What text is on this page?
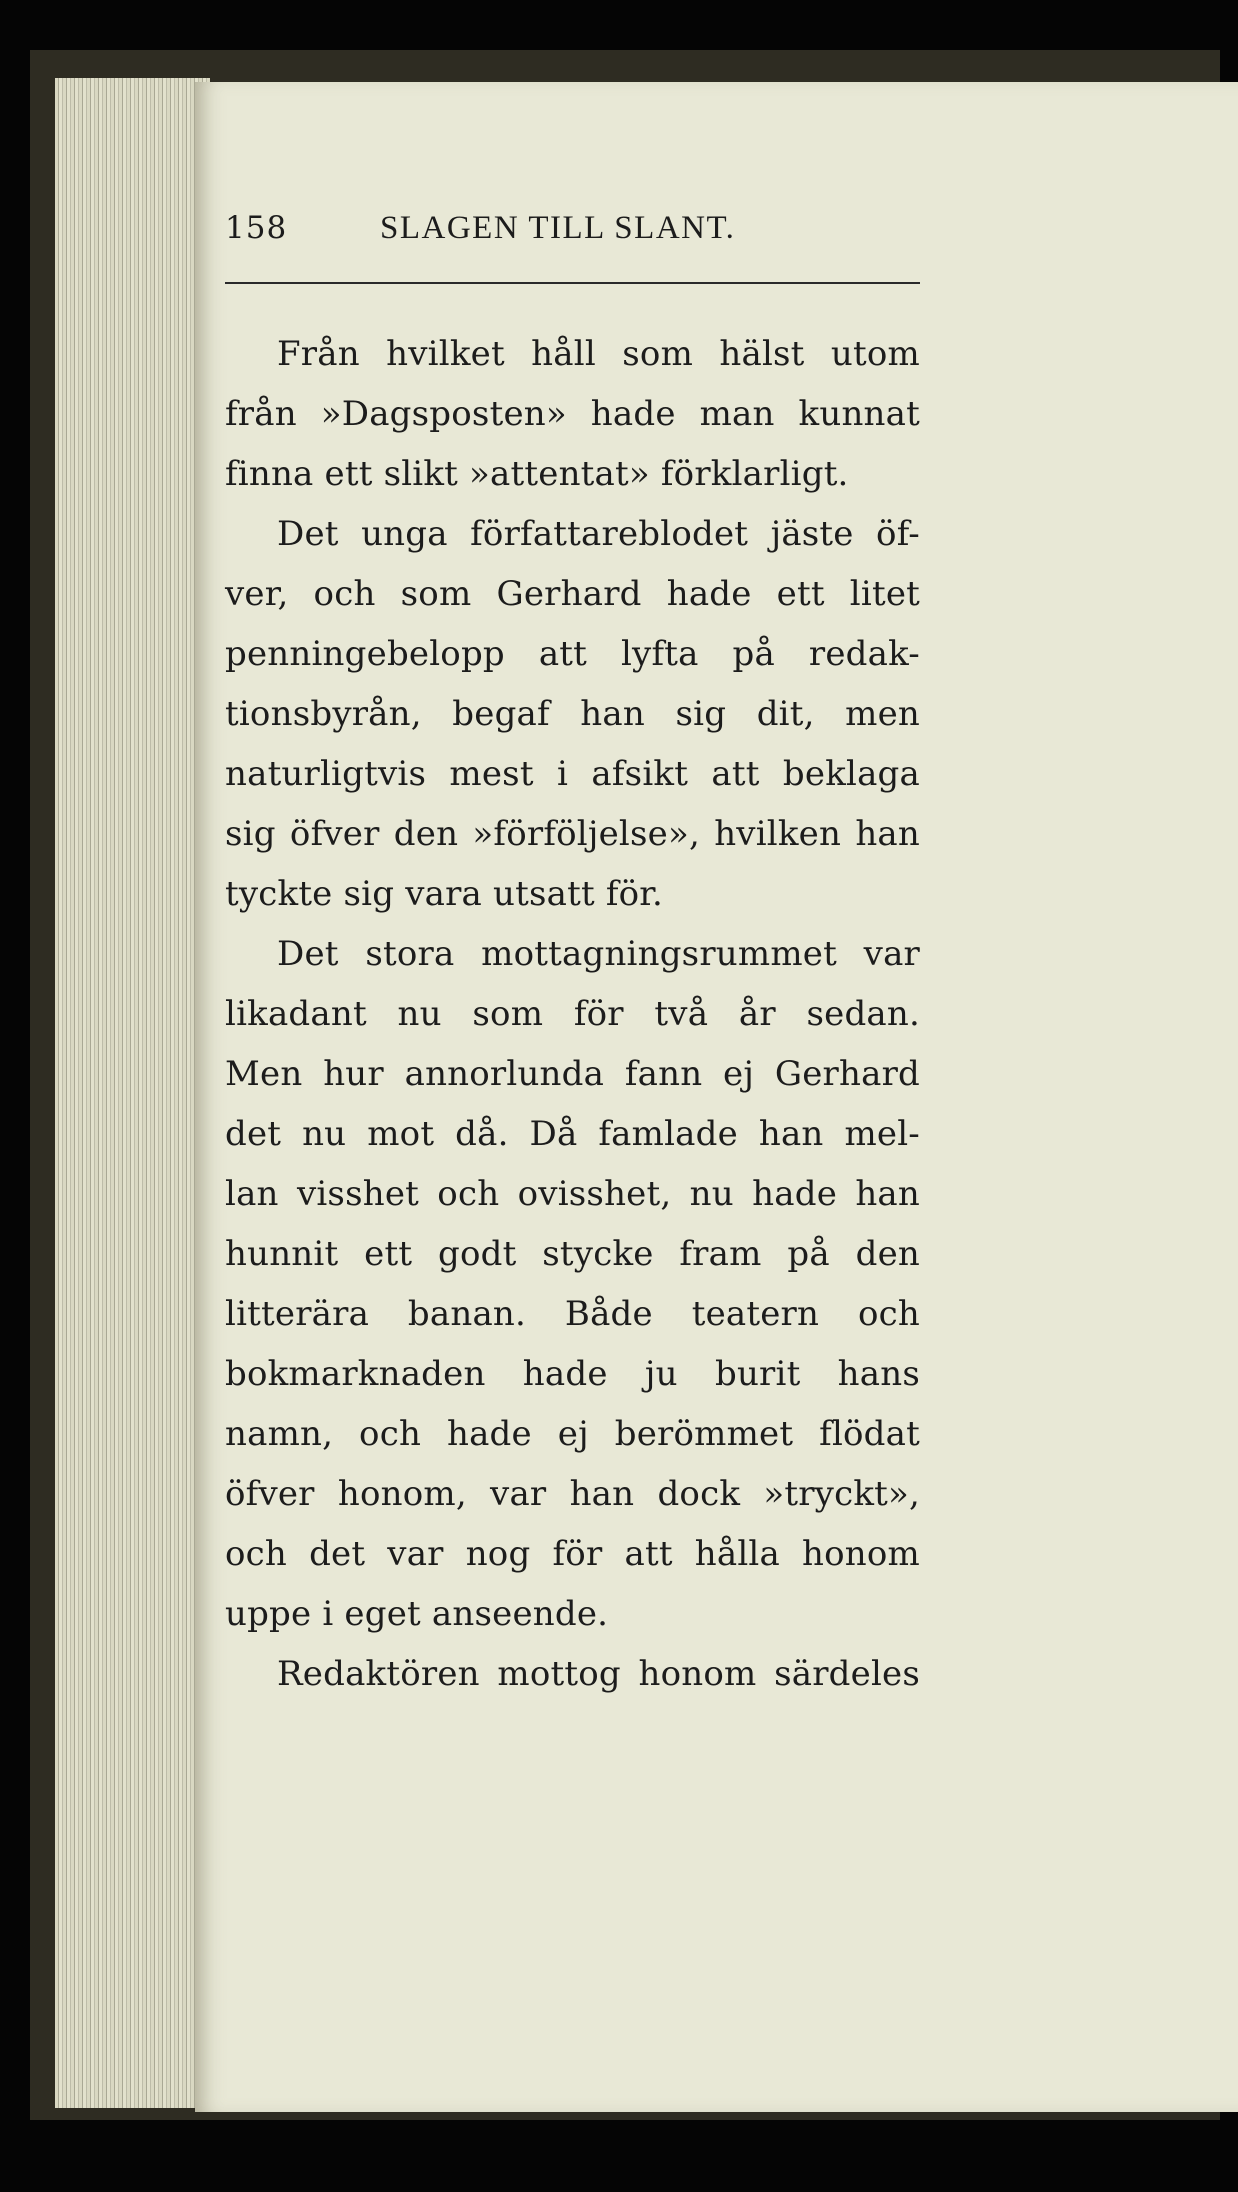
158	SLAGEN TILL SLANT.
Från hvilket håll som hälst utom
från »Dagsposten» hade man kunnat
finna ett slikt »attentat» förklarligt.
Det unga författareblodet jäste öf-
ver, och som Gerhard hade ett litet
penningebelopp att lyfta på redak-
tionsbyrån, begaf han sig dit, men
naturligtvis mest i afsikt att beklaga
sig öfver den »förföljelse», hvilken han
tyckte sig vara utsatt för.
Det stora mottagningsrummet var
likadant nu som för två år sedan.
Men hur annorlunda fann ej Gerhard
det nu mot då. Då famlade han mel-
lan visshet och ovisshet, nu hade han
hunnit ett godt stycke fram på den
litterära banan. Både teatern och
bokmarknaden hade ju burit hans
namn, och hade ej berömmet flödat
öfver honom, var han dock »tryckt»,
och det var nog för att hålla honom
uppe i eget anseende.
Redaktören mottog honom särdeles
